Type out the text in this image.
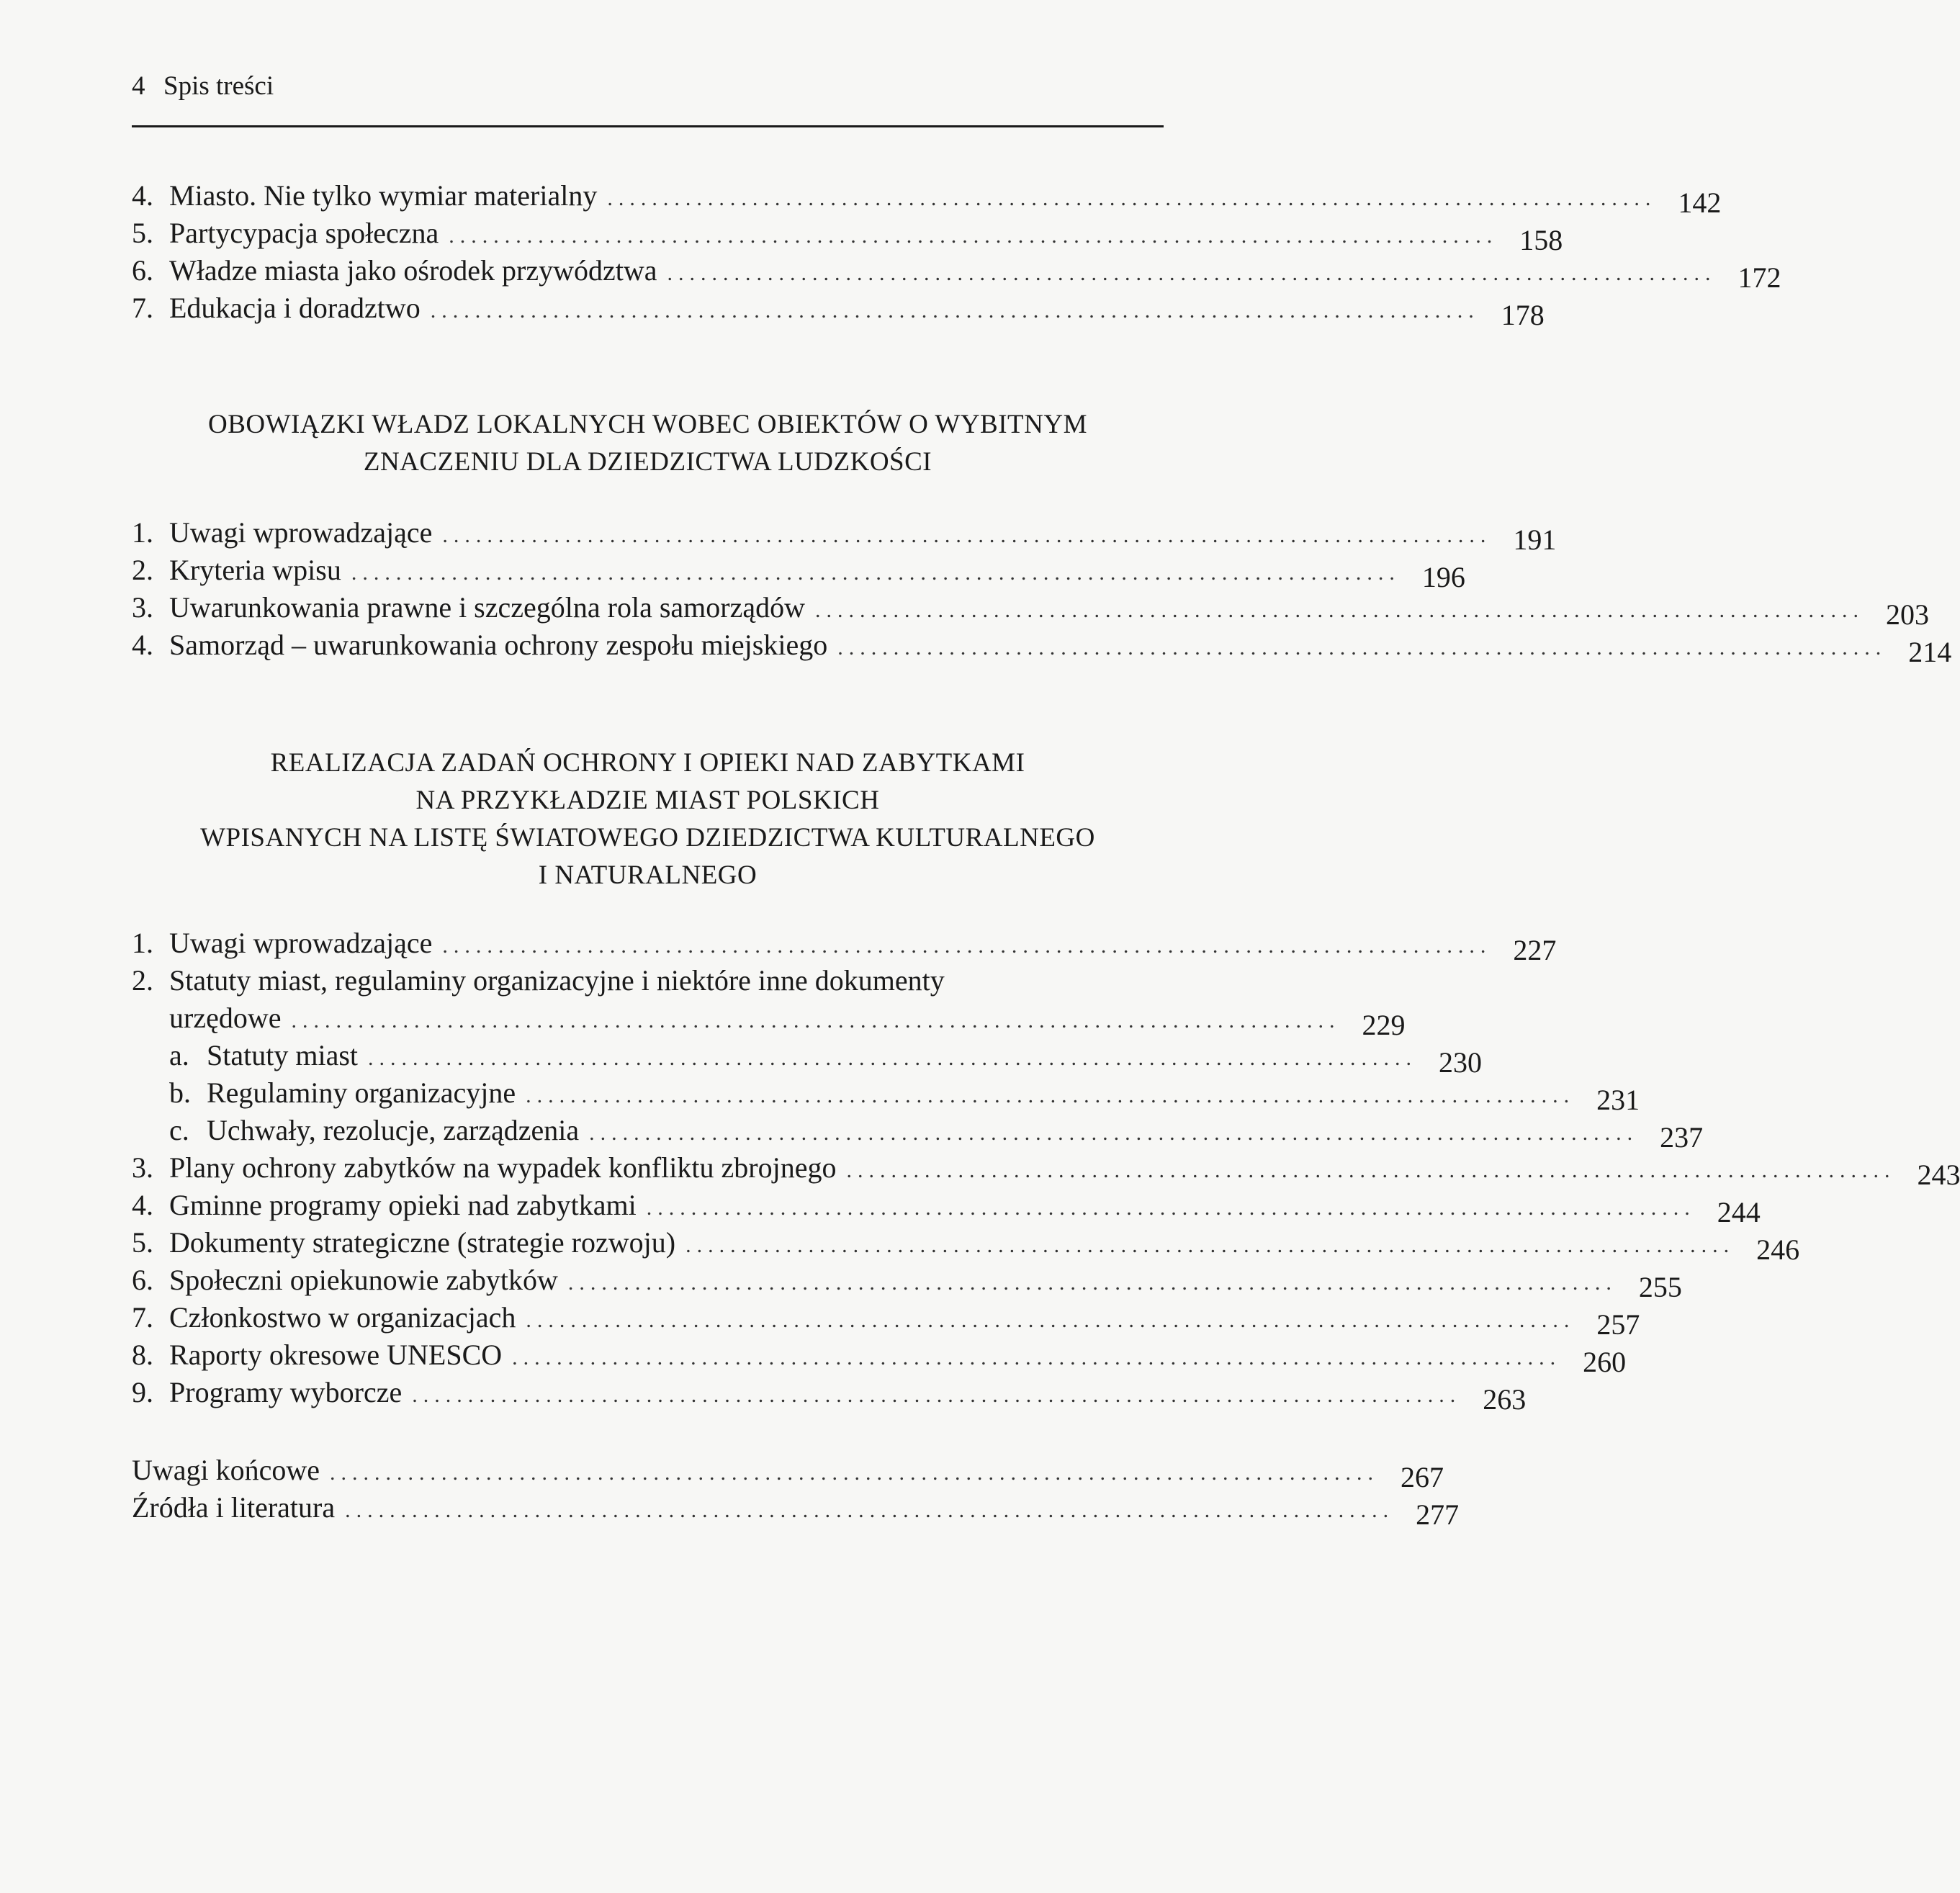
4 Spis treści
4. Miasto. Nie tylko wymiar materialny .............................................................................................. 142
5. Partycypacja społeczna .............................................................................................. 158
6. Władze miasta jako ośrodek przywództwa .............................................................................................. 172
7. Edukacja i doradztwo .............................................................................................. 178
OBOWIĄZKI WŁADZ LOKALNYCH WOBEC OBIEKTÓW O WYBITNYM
ZNACZENIU DLA DZIEDZICTWA LUDZKOŚCI
1. Uwagi wprowadzające .............................................................................................. 191
2. Kryteria wpisu .............................................................................................. 196
3. Uwarunkowania prawne i szczególna rola samorządów .............................................................................................. 203
4. Samorząd – uwarunkowania ochrony zespołu miejskiego .............................................................................................. 214
REALIZACJA ZADAŃ OCHRONY I OPIEKI NAD ZABYTKAMI
NA PRZYKŁADZIE MIAST POLSKICH
WPISANYCH NA LISTĘ ŚWIATOWEGO DZIEDZICTWA KULTURALNEGO
I NATURALNEGO
1. Uwagi wprowadzające .............................................................................................. 227
2. Statuty miast, regulaminy organizacyjne i niektóre inne dokumenty
urzędowe .............................................................................................. 229
a. Statuty miast .............................................................................................. 230
b. Regulaminy organizacyjne .............................................................................................. 231
c. Uchwały, rezolucje, zarządzenia .............................................................................................. 237
3. Plany ochrony zabytków na wypadek konfliktu zbrojnego .............................................................................................. 243
4. Gminne programy opieki nad zabytkami .............................................................................................. 244
5. Dokumenty strategiczne (strategie rozwoju) .............................................................................................. 246
6. Społeczni opiekunowie zabytków .............................................................................................. 255
7. Członkostwo w organizacjach .............................................................................................. 257
8. Raporty okresowe UNESCO .............................................................................................. 260
9. Programy wyborcze .............................................................................................. 263
Uwagi końcowe .............................................................................................. 267
Źródła i literatura .............................................................................................. 277
